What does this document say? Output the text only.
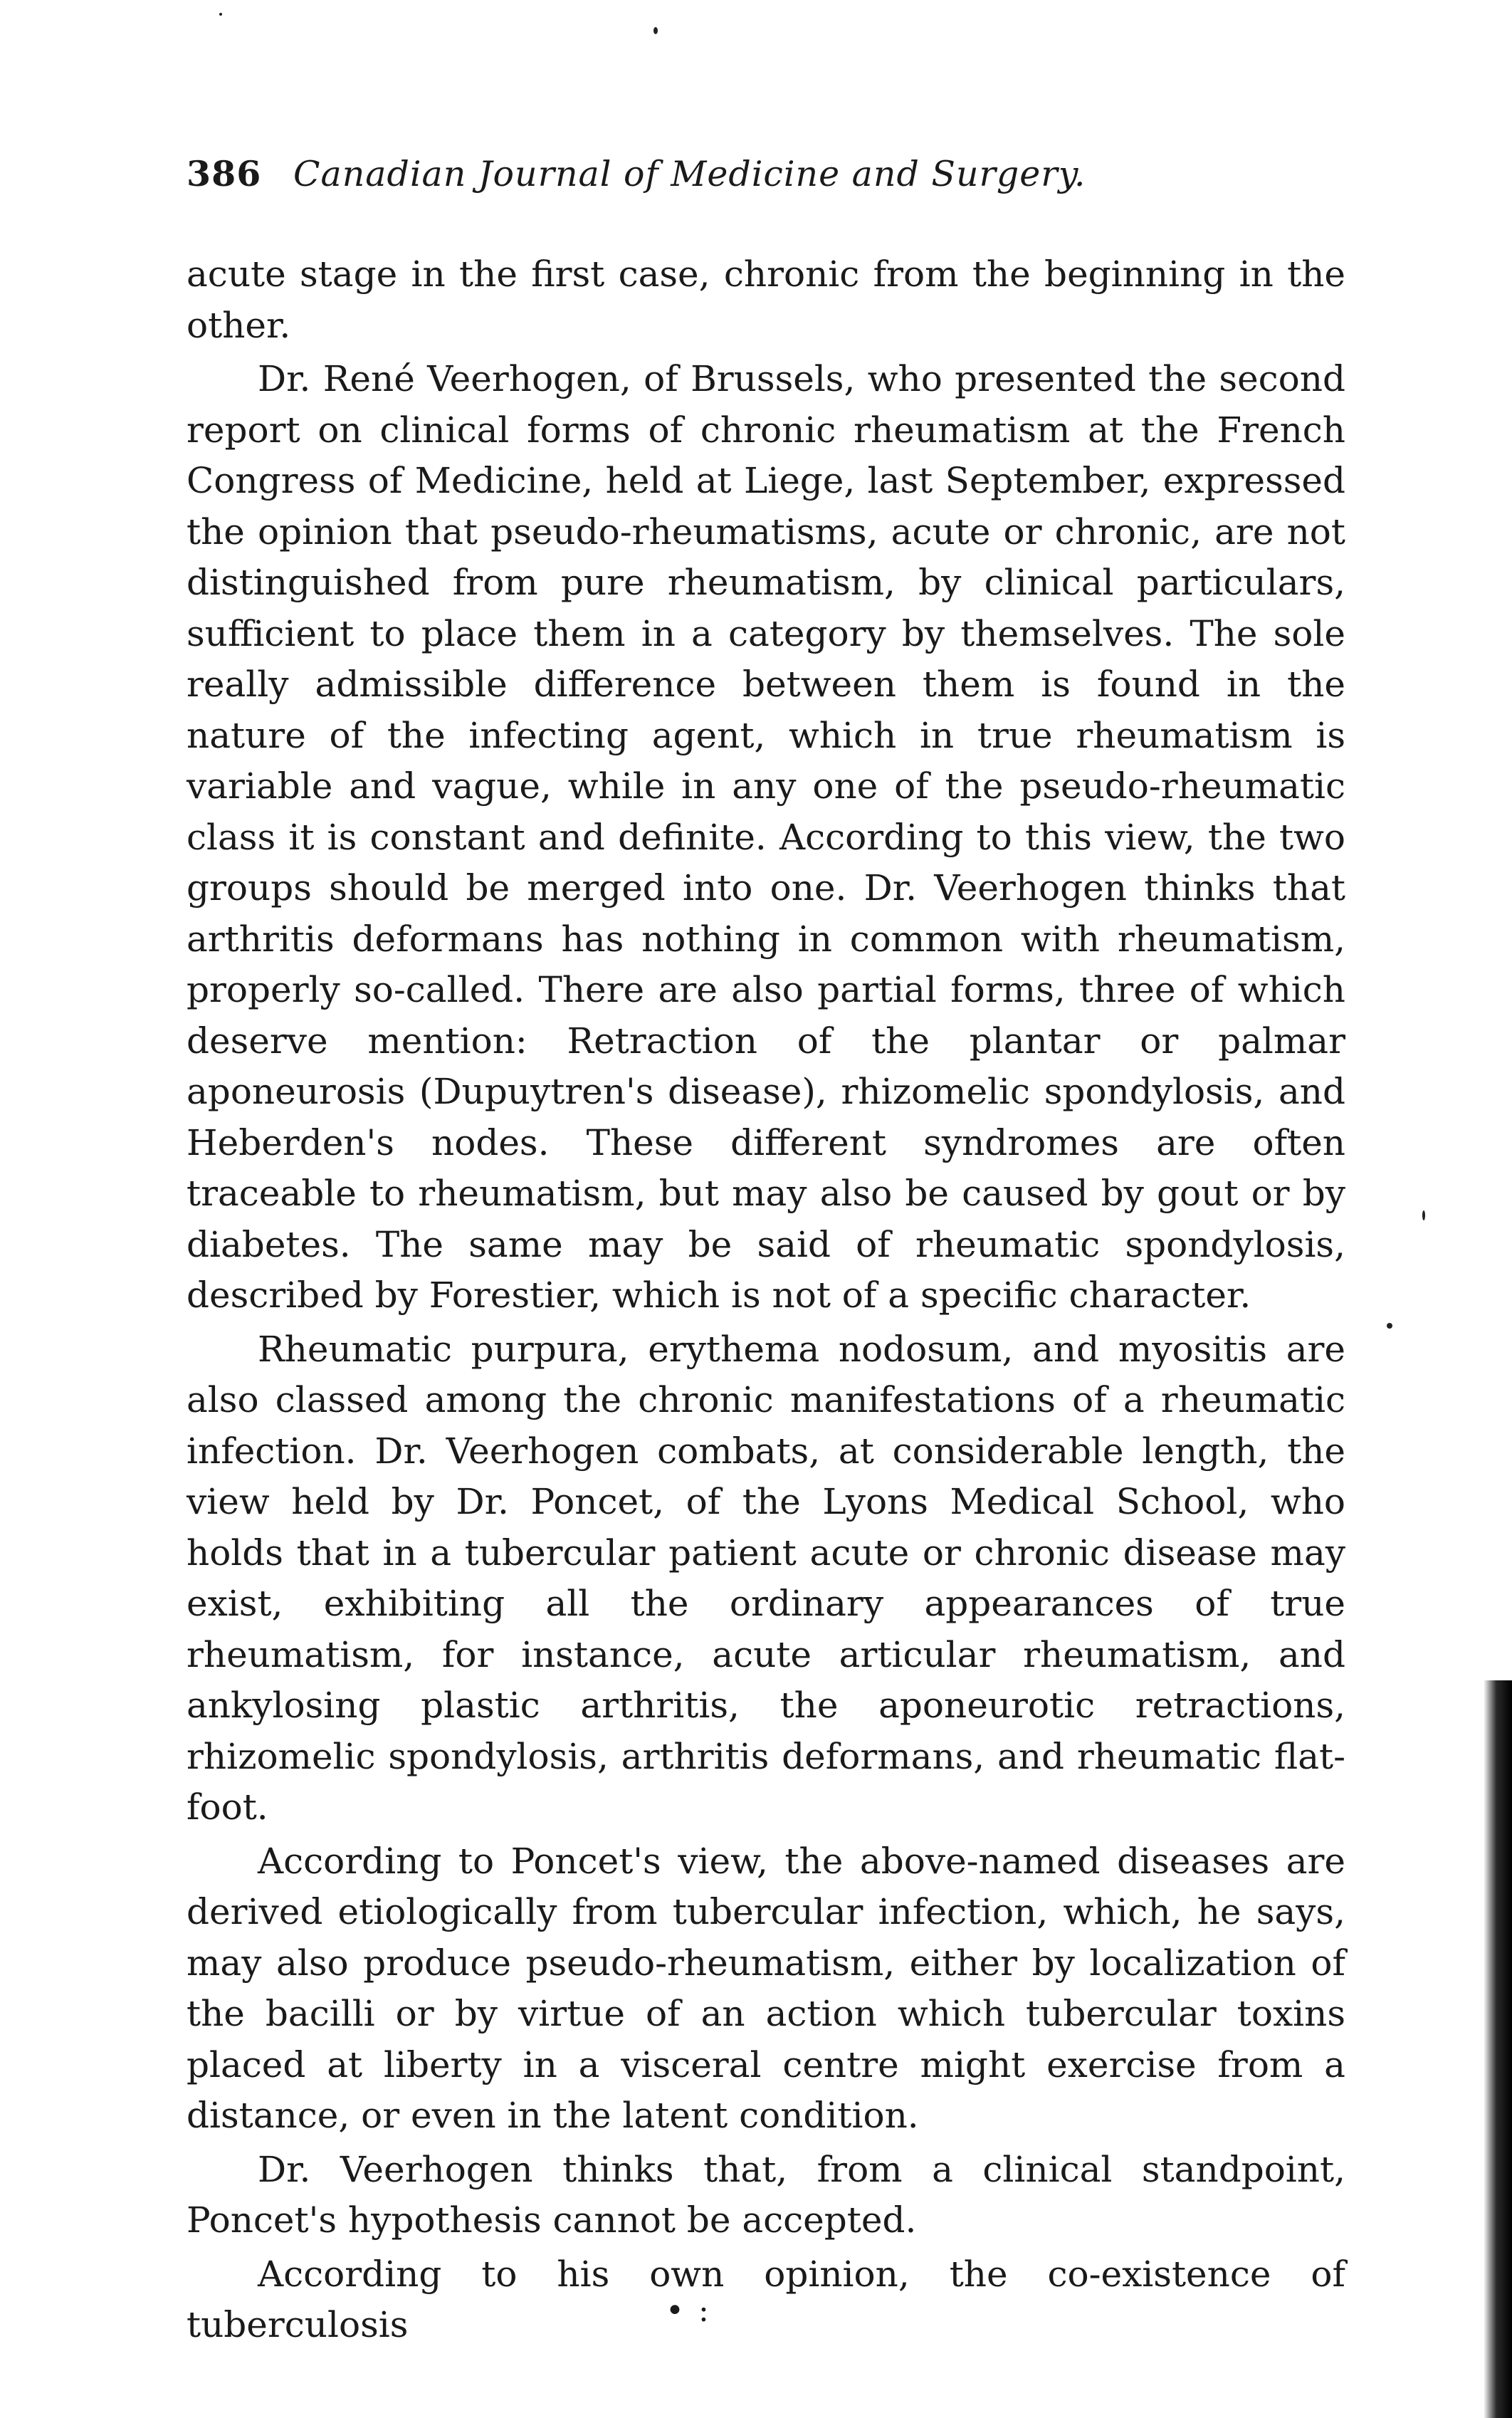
386 Canadian Journal of Medicine and Surgery.

acute stage in the first case, chronic from the beginning in the other.

Dr. René Veerhogen, of Brussels, who presented the second report on clinical forms of chronic rheumatism at the French Congress of Medicine, held at Liege, last September, expressed the opinion that pseudo-rheumatisms, acute or chronic, are not distinguished from pure rheumatism, by clinical particulars, sufficient to place them in a category by themselves. The sole really admissible difference between them is found in the nature of the infecting agent, which in true rheumatism is variable and vague, while in any one of the pseudo-rheumatic class it is constant and definite. According to this view, the two groups should be merged into one. Dr. Veerhogen thinks that arthritis deformans has nothing in common with rheumatism, properly so-called. There are also partial forms, three of which deserve mention: Retraction of the plantar or palmar aponeurosis (Dupuytren's disease), rhizomelic spondylosis, and Heberden's nodes. These different syndromes are often traceable to rheumatism, but may also be caused by gout or by diabetes. The same may be said of rheumatic spondylosis, described by Forestier, which is not of a specific character.

Rheumatic purpura, erythema nodosum, and myositis are also classed among the chronic manifestations of a rheumatic infection. Dr. Veerhogen combats, at considerable length, the view held by Dr. Poncet, of the Lyons Medical School, who holds that in a tubercular patient acute or chronic disease may exist, exhibiting all the ordinary appearances of true rheumatism, for instance, acute articular rheumatism, and ankylosing plastic arthritis, the aponeurotic retractions, rhizomelic spondylosis, arthritis deformans, and rheumatic flat-foot.

According to Poncet's view, the above-named diseases are derived etiologically from tubercular infection, which, he says, may also produce pseudo-rheumatism, either by localization of the bacilli or by virtue of an action which tubercular toxins placed at liberty in a visceral centre might exercise from a distance, or even in the latent condition.

Dr. Veerhogen thinks that, from a clinical standpoint, Poncet's hypothesis cannot be accepted.

According to his own opinion, the co-existence of tuberculosis	•:
